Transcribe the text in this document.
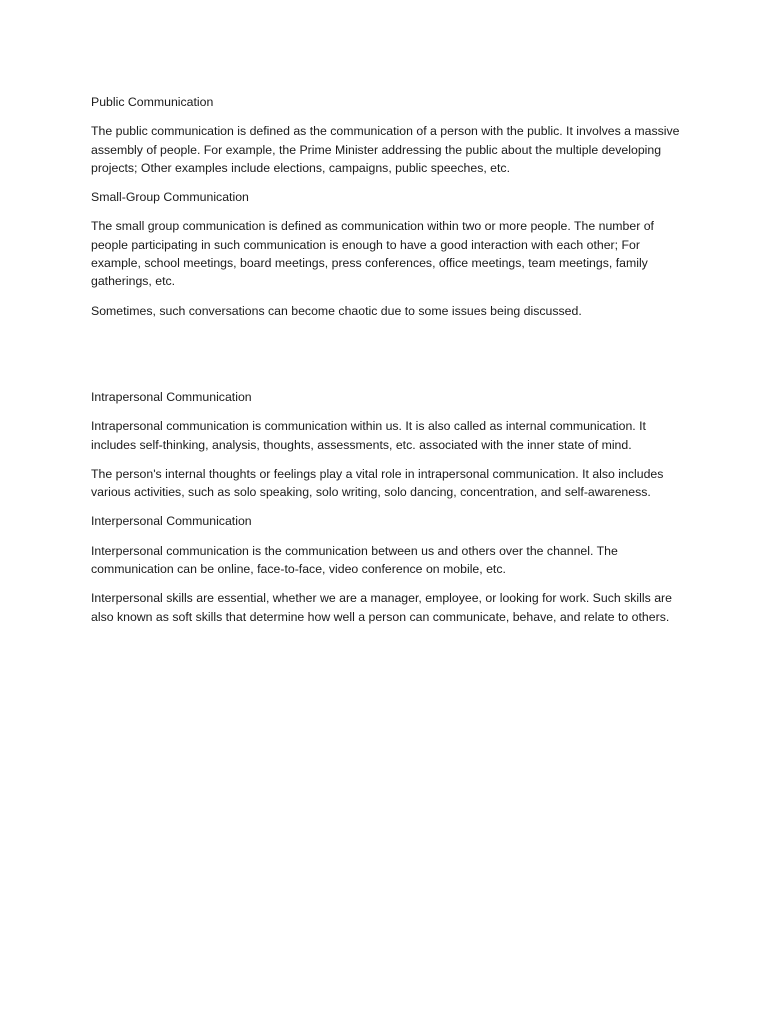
Public Communication
The public communication is defined as the communication of a person with the public. It involves a massive assembly of people. For example, the Prime Minister addressing the public about the multiple developing projects; Other examples include elections, campaigns, public speeches, etc.
Small-Group Communication
The small group communication is defined as communication within two or more people. The number of people participating in such communication is enough to have a good interaction with each other; For example, school meetings, board meetings, press conferences, office meetings, team meetings, family gatherings, etc.
Sometimes, such conversations can become chaotic due to some issues being discussed.
Intrapersonal Communication
Intrapersonal communication is communication within us. It is also called as internal communication. It includes self-thinking, analysis, thoughts, assessments, etc. associated with the inner state of mind.
The person's internal thoughts or feelings play a vital role in intrapersonal communication. It also includes various activities, such as solo speaking, solo writing, solo dancing, concentration, and self-awareness.
Interpersonal Communication
Interpersonal communication is the communication between us and others over the channel. The communication can be online, face-to-face, video conference on mobile, etc.
Interpersonal skills are essential, whether we are a manager, employee, or looking for work. Such skills are also known as soft skills that determine how well a person can communicate, behave, and relate to others.
